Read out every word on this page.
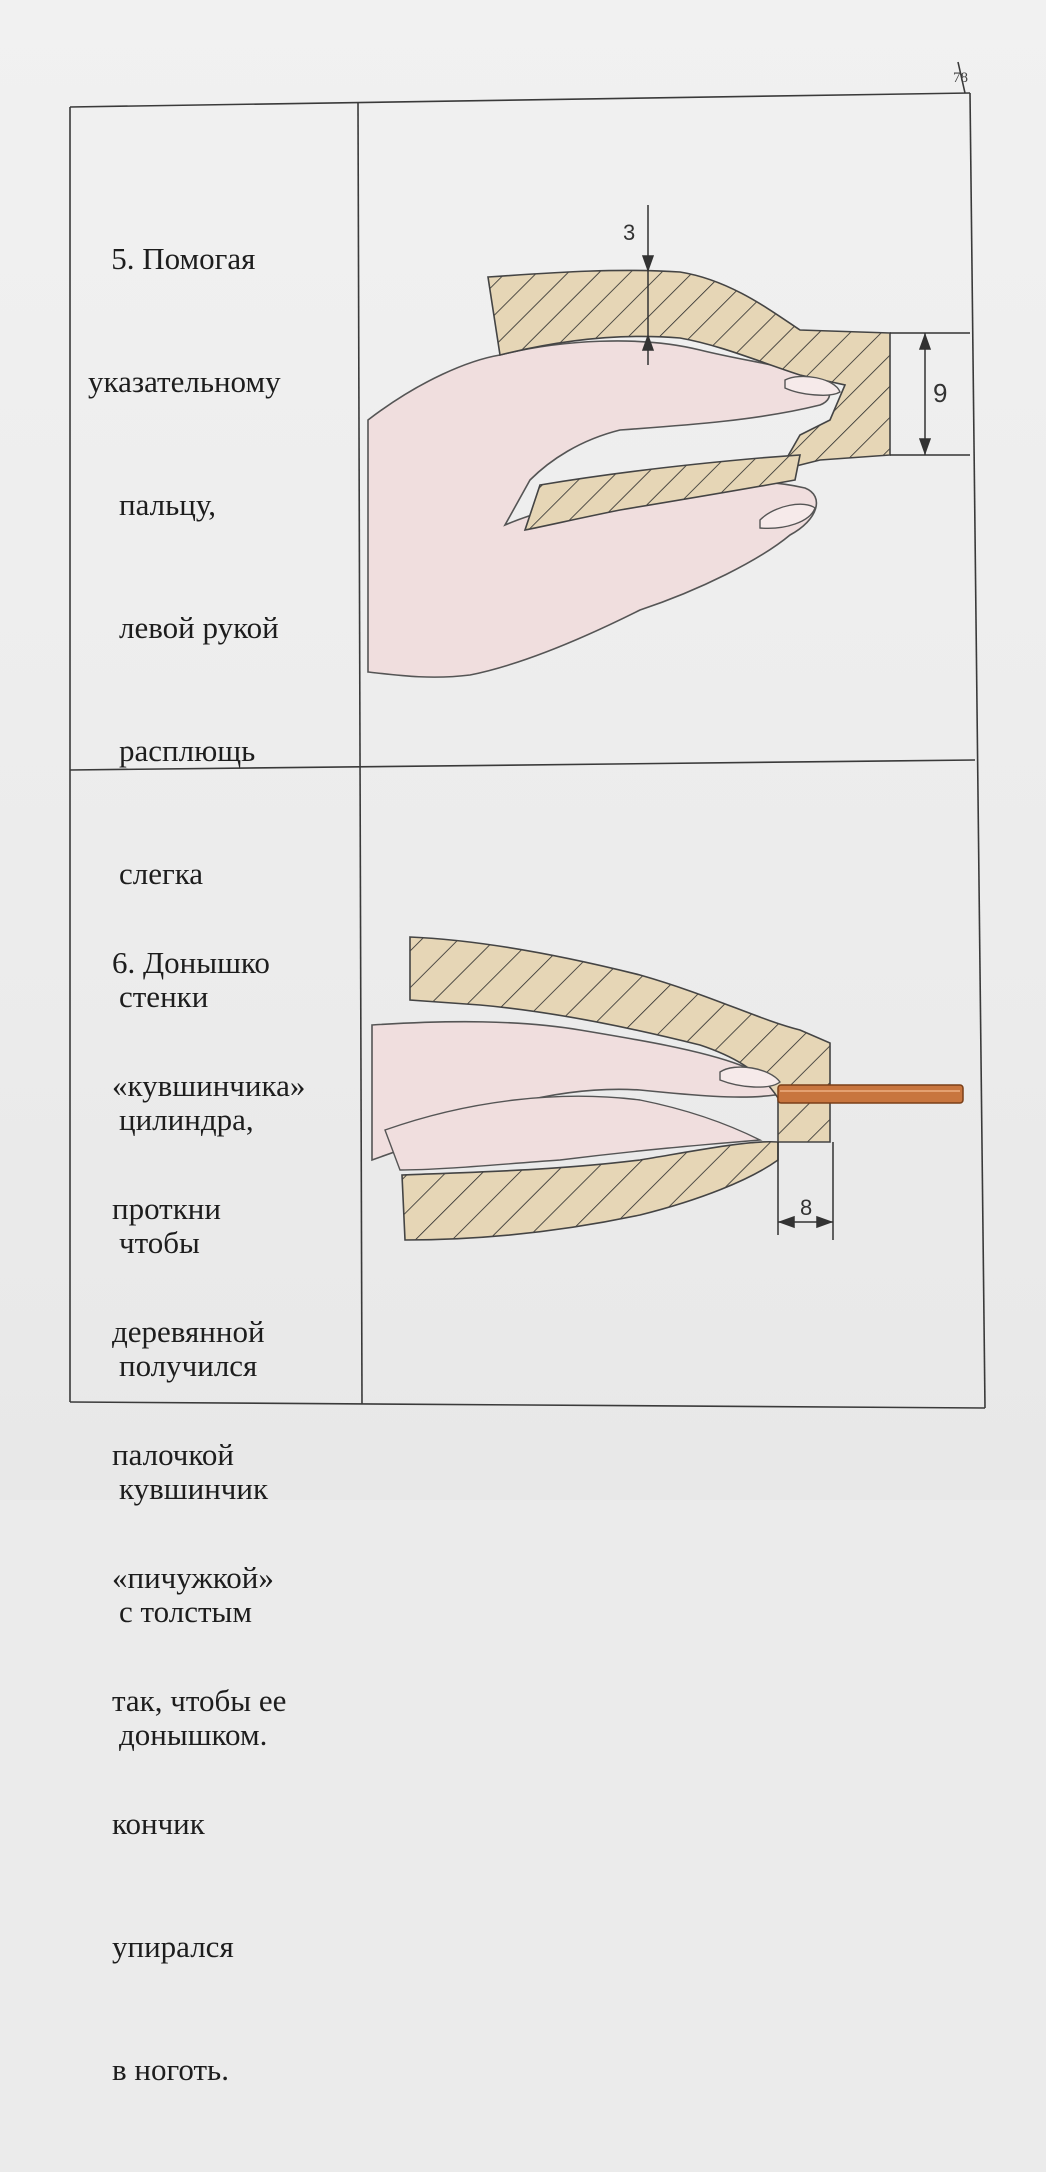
78

5. Помогая

указательному

пальцу,

левой рукой

расплющь

слегка

стенки

цилиндра,

чтобы

получился

кувшинчик

с толстым

донышком.

6. Донышко

«кувшинчика»

проткни

деревянной

палочкой

«пичужкой»

так, чтобы ее

кончик

упирался

в ноготь.

3
9
8
